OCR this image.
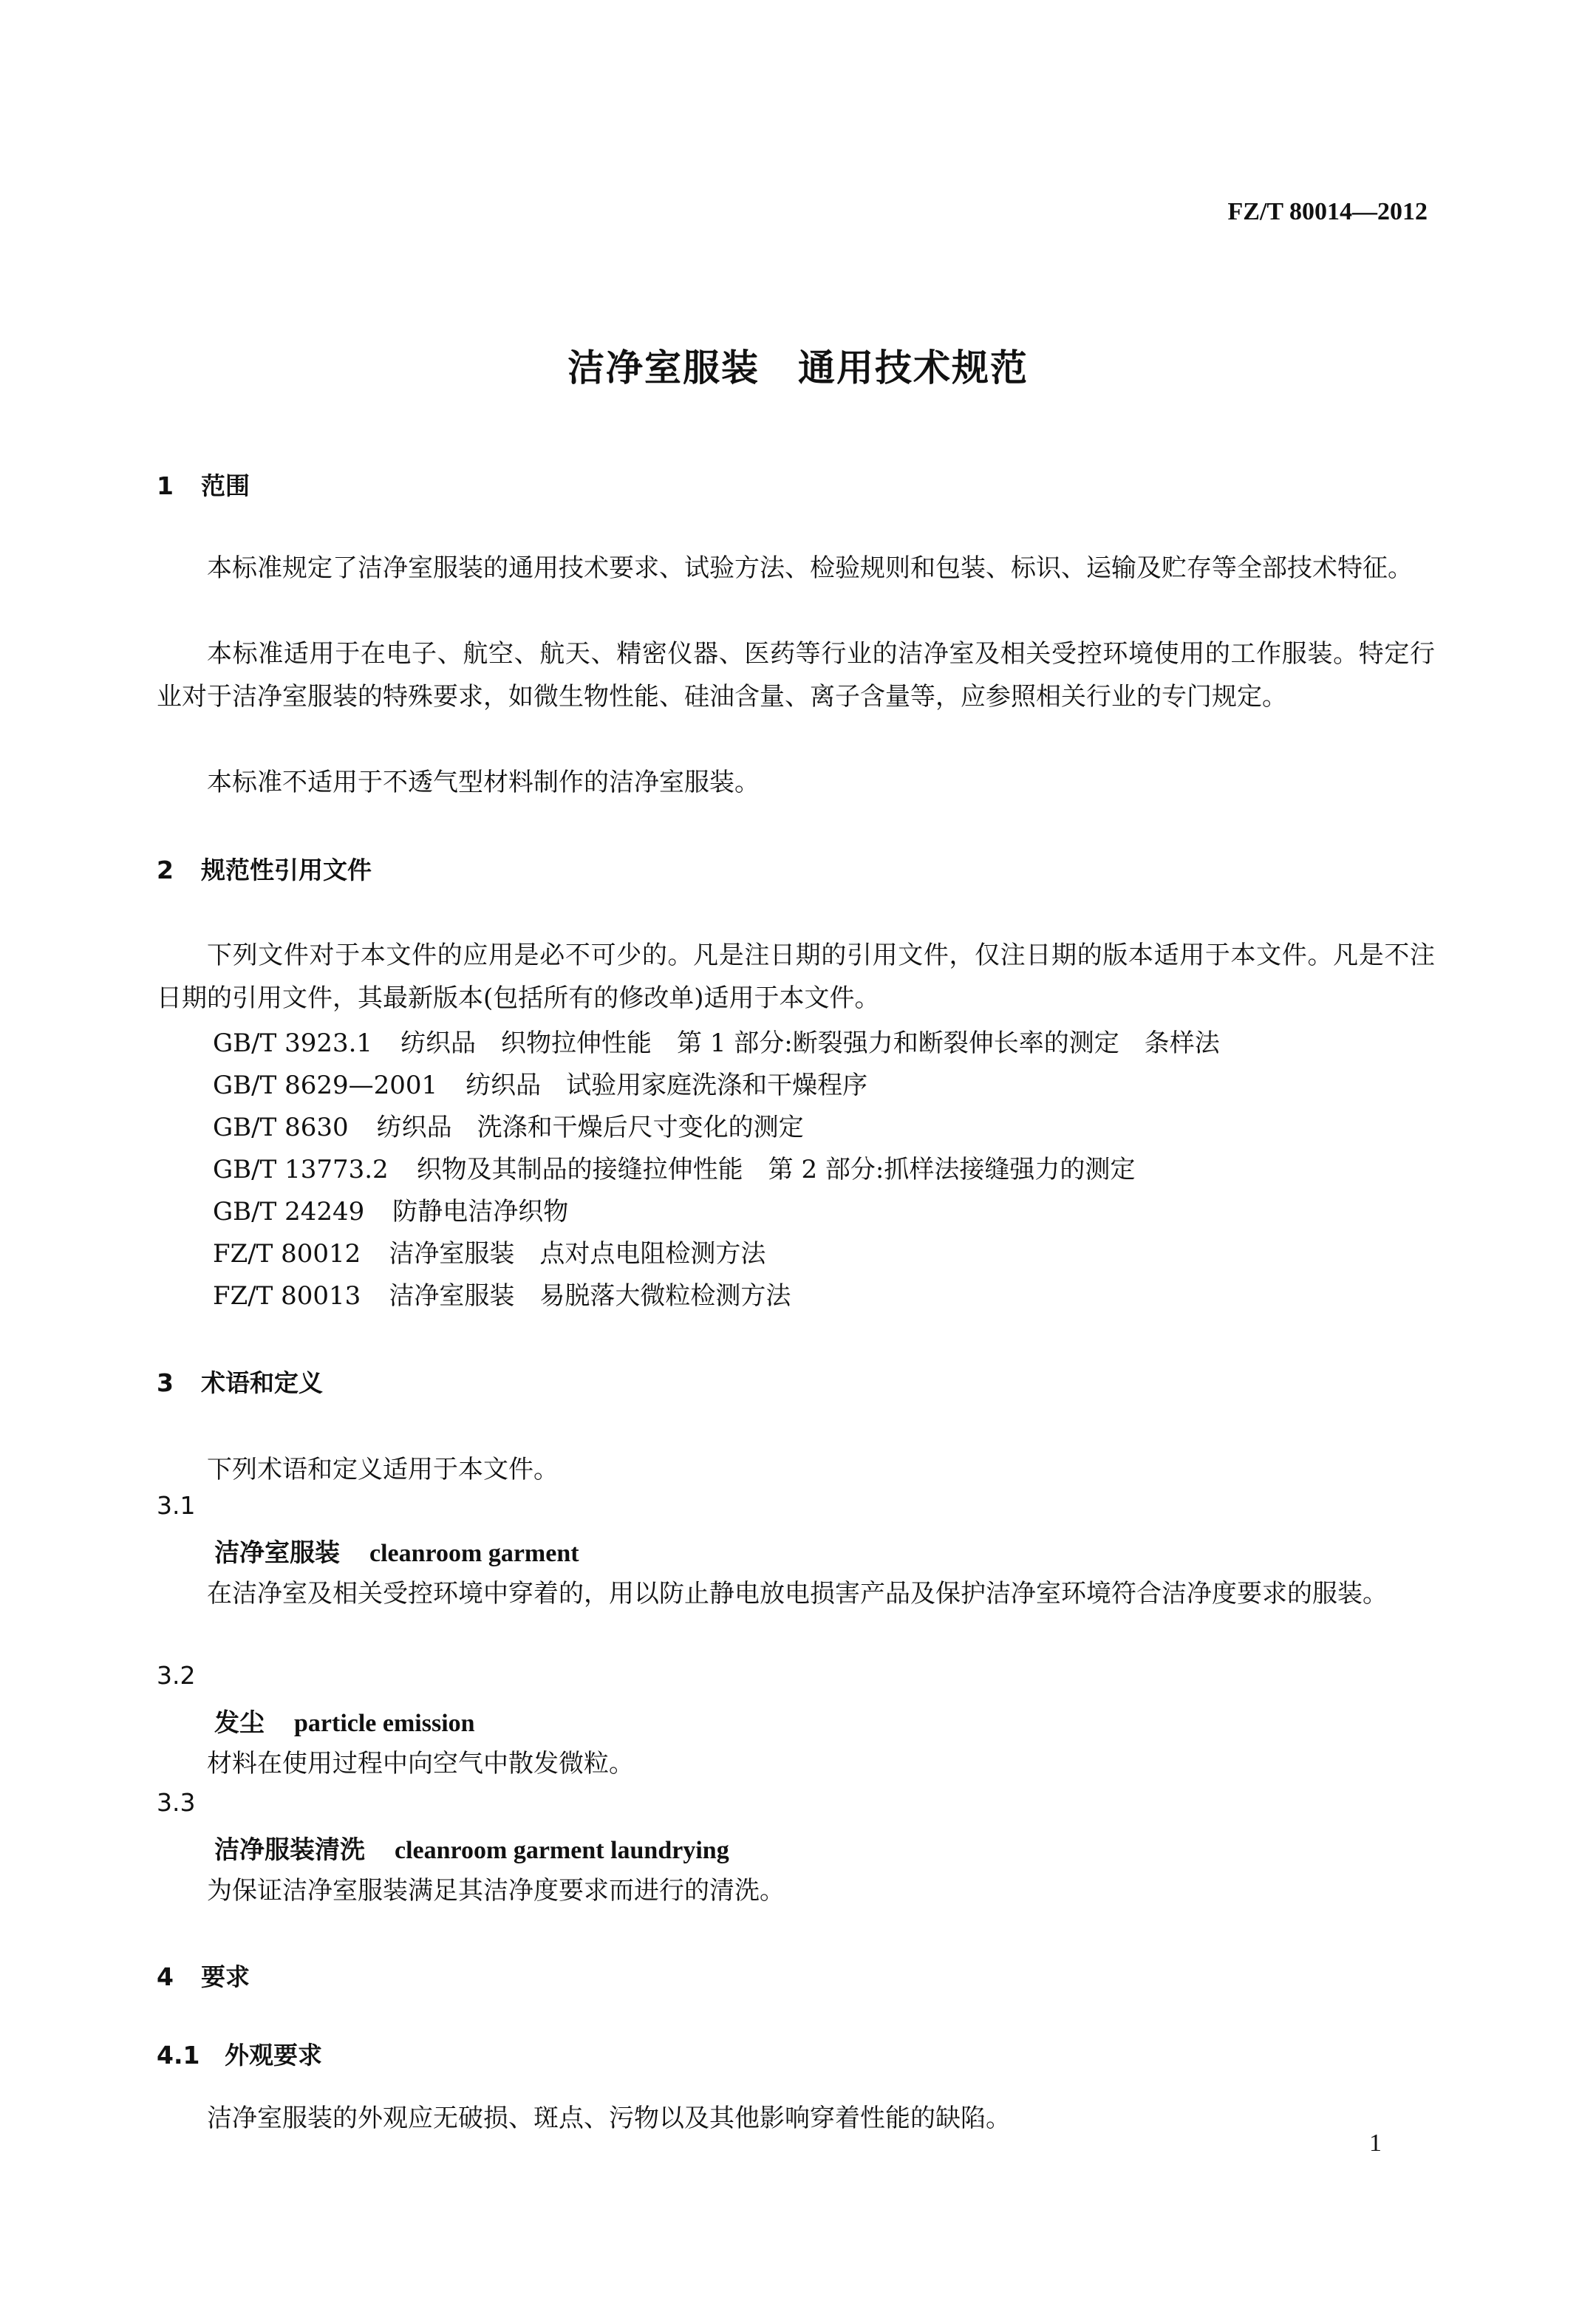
FZ/T 80014—2012
洁净室服装 通用技术规范
1 范围
本标准规定了洁净室服装的通用技术要求、试验方法、检验规则和包装、标识、运输及贮存等全部技术特征。
本标准适用于在电子、航空、航天、精密仪器、医药等行业的洁净室及相关受控环境使用的工作服装。特定行业对于洁净室服装的特殊要求，如微生物性能、硅油含量、离子含量等，应参照相关行业的专门规定。
本标准不适用于不透气型材料制作的洁净室服装。
2 规范性引用文件
下列文件对于本文件的应用是必不可少的。凡是注日期的引用文件，仅注日期的版本适用于本文件。凡是不注日期的引用文件，其最新版本(包括所有的修改单)适用于本文件。
GB/T 3923.1 纺织品　织物拉伸性能　第 1 部分:断裂强力和断裂伸长率的测定　条样法
GB/T 8629—2001 纺织品　试验用家庭洗涤和干燥程序
GB/T 8630 纺织品　洗涤和干燥后尺寸变化的测定
GB/T 13773.2 织物及其制品的接缝拉伸性能　第 2 部分:抓样法接缝强力的测定
GB/T 24249 防静电洁净织物
FZ/T 80012 洁净室服装　点对点电阻检测方法
FZ/T 80013 洁净室服装　易脱落大微粒检测方法
3 术语和定义
下列术语和定义适用于本文件。
3.1
洁净室服装 cleanroom garment
在洁净室及相关受控环境中穿着的，用以防止静电放电损害产品及保护洁净室环境符合洁净度要求的服装。
3.2
发尘 particle emission
材料在使用过程中向空气中散发微粒。
3.3
洁净服装清洗 cleanroom garment laundrying
为保证洁净室服装满足其洁净度要求而进行的清洗。
4 要求
4.1 外观要求
洁净室服装的外观应无破损、斑点、污物以及其他影响穿着性能的缺陷。
1
